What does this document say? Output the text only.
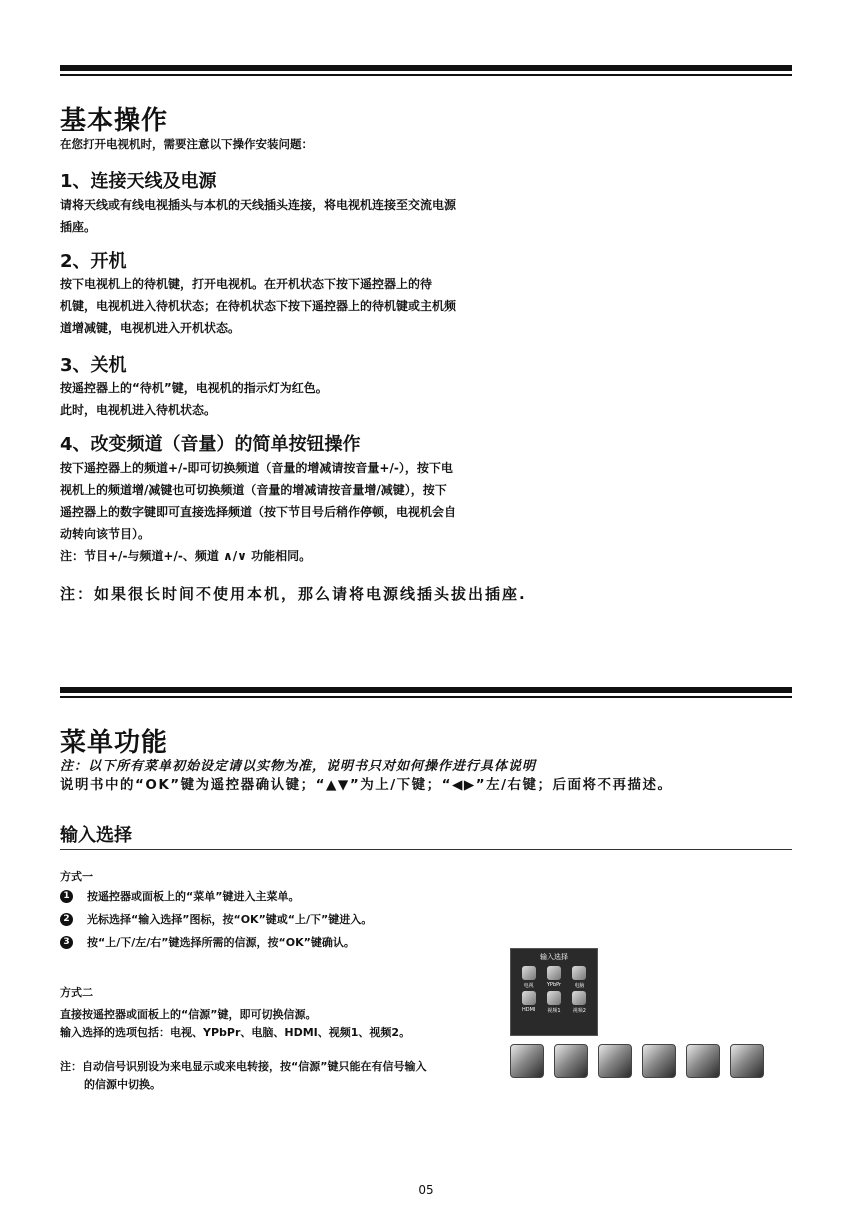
基本操作
在您打开电视机时，需要注意以下操作安装问题：
1、连接天线及电源
请将天线或有线电视插头与本机的天线插头连接，将电视机连接至交流电源
插座。
2、开机
按下电视机上的待机键，打开电视机。在开机状态下按下遥控器上的待
机键，电视机进入待机状态；在待机状态下按下遥控器上的待机键或主机频
道增减键，电视机进入开机状态。
3、关机
按遥控器上的“待机”键，电视机的指示灯为红色。
此时，电视机进入待机状态。
4、改变频道（音量）的简单按钮操作
按下遥控器上的频道+/-即可切换频道（音量的增减请按音量+/-），按下电
视机上的频道增/减键也可切换频道（音量的增减请按音量增/减键），按下
遥控器上的数字键即可直接选择频道（按下节目号后稍作停顿，电视机会自
动转向该节目）。
注：节目+/-与频道+/-、频道 ∧/∨ 功能相同。
注：如果很长时间不使用本机，那么请将电源线插头拔出插座.
菜单功能
注：以下所有菜单初始设定请以实物为准，说明书只对如何操作进行具体说明
说明书中的“OK”键为遥控器确认键；“▲▼”为上/下键；“◀▶”左/右键；后面将不再描述。
输入选择
方式一
1	按遥控器或面板上的“菜单”键进入主菜单。
2	光标选择“输入选择”图标，按“OK”键或“上/下”键进入。
3	按“上/下/左/右”键选择所需的信源，按“OK”键确认。
方式二
直接按遥控器或面板上的“信源”键，即可切换信源。
输入选择的选项包括：电视、YPbPr、电脑、HDMI、视频1、视频2。
注：自动信号识别设为来电显示或来电转接，按“信源”键只能在有信号输入
的信源中切换。
输入选择
电视	YPbPr	电脑
HDMI 视频1 视频2
05
